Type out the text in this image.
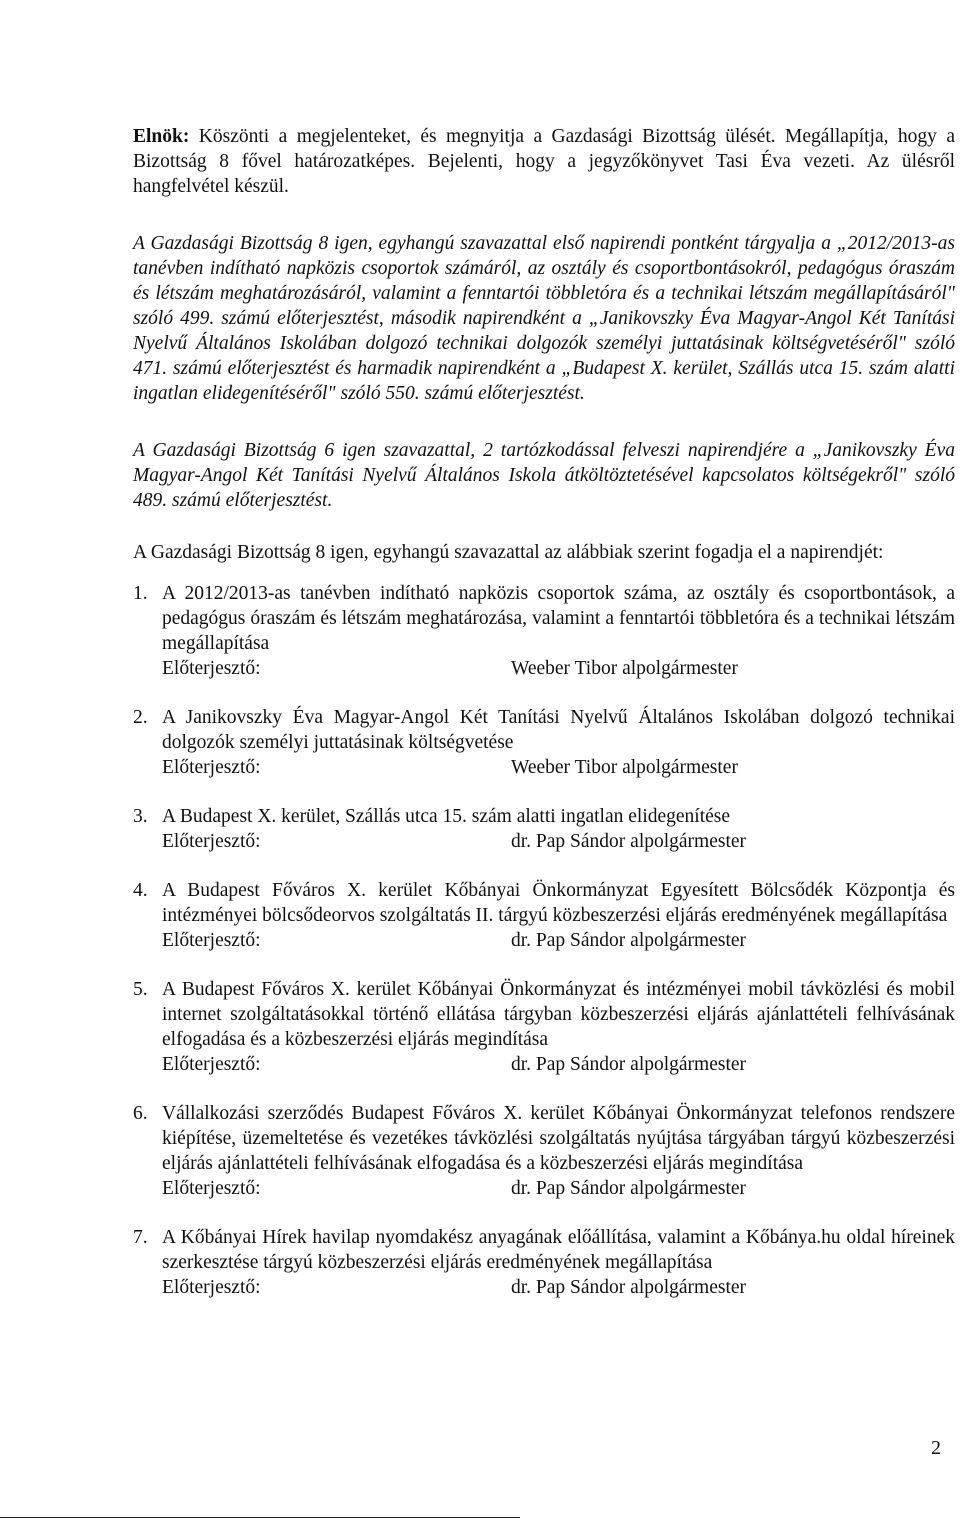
Elnök: Köszönti a megjelenteket, és megnyitja a Gazdasági Bizottság ülését. Megállapítja, hogy a Bizottság 8 fővel határozatképes. Bejelenti, hogy a jegyzőkönyvet Tasi Éva vezeti. Az ülésről hangfelvétel készül.

A Gazdasági Bizottság 8 igen, egyhangú szavazattal első napirendi pontként tárgyalja a „2012/2013-as tanévben indítható napközis csoportok számáról, az osztály és csoportbontásokról, pedagógus óraszám és létszám meghatározásáról, valamint a fenntartói többletóra és a technikai létszám megállapításáról" szóló 499. számú előterjesztést, második napirendként a „Janikovszky Éva Magyar-Angol Két Tanítási Nyelvű Általános Iskolában dolgozó technikai dolgozók személyi juttatásinak költségvetéséről" szóló 471. számú előterjesztést és harmadik napirendként a „Budapest X. kerület, Szállás utca 15. szám alatti ingatlan elidegenítéséről" szóló 550. számú előterjesztést.

A Gazdasági Bizottság 6 igen szavazattal, 2 tartózkodással felveszi napirendjére a „Janikovszky Éva Magyar-Angol Két Tanítási Nyelvű Általános Iskola átköltöztetésével kapcsolatos költségekről" szóló 489. számú előterjesztést.

A Gazdasági Bizottság 8 igen, egyhangú szavazattal az alábbiak szerint fogadja el a napirendjét:

1. A 2012/2013-as tanévben indítható napközis csoportok száma, az osztály és csoportbontások, a pedagógus óraszám és létszám meghatározása, valamint a fenntartói többletóra és a technikai létszám megállapítása
Előterjesztő:	Weeber Tibor alpolgármester
2. A Janikovszky Éva Magyar-Angol Két Tanítási Nyelvű Általános Iskolában dolgozó technikai dolgozók személyi juttatásinak költségvetése
Előterjesztő:	Weeber Tibor alpolgármester
3. A Budapest X. kerület, Szállás utca 15. szám alatti ingatlan elidegenítése
Előterjesztő:	dr. Pap Sándor alpolgármester
4. A Budapest Főváros X. kerület Kőbányai Önkormányzat Egyesített Bölcsődék Központja és intézményei bölcsődeorvos szolgáltatás II. tárgyú közbeszerzési eljárás eredményének megállapítása
Előterjesztő:	dr. Pap Sándor alpolgármester
5. A Budapest Főváros X. kerület Kőbányai Önkormányzat és intézményei mobil távközlési és mobil internet szolgáltatásokkal történő ellátása tárgyban közbeszerzési eljárás ajánlattételi felhívásának elfogadása és a közbeszerzési eljárás megindítása
Előterjesztő:	dr. Pap Sándor alpolgármester
6. Vállalkozási szerződés Budapest Főváros X. kerület Kőbányai Önkormányzat telefonos rendszere kiépítése, üzemeltetése és vezetékes távközlési szolgáltatás nyújtása tárgyában tárgyú közbeszerzési eljárás ajánlattételi felhívásának elfogadása és a közbeszerzési eljárás megindítása
Előterjesztő:	dr. Pap Sándor alpolgármester
7. A Kőbányai Hírek havilap nyomdakész anyagának előállítása, valamint a Kőbánya.hu oldal híreinek szerkesztése tárgyú közbeszerzési eljárás eredményének megállapítása
Előterjesztő:	dr. Pap Sándor alpolgármester
2
